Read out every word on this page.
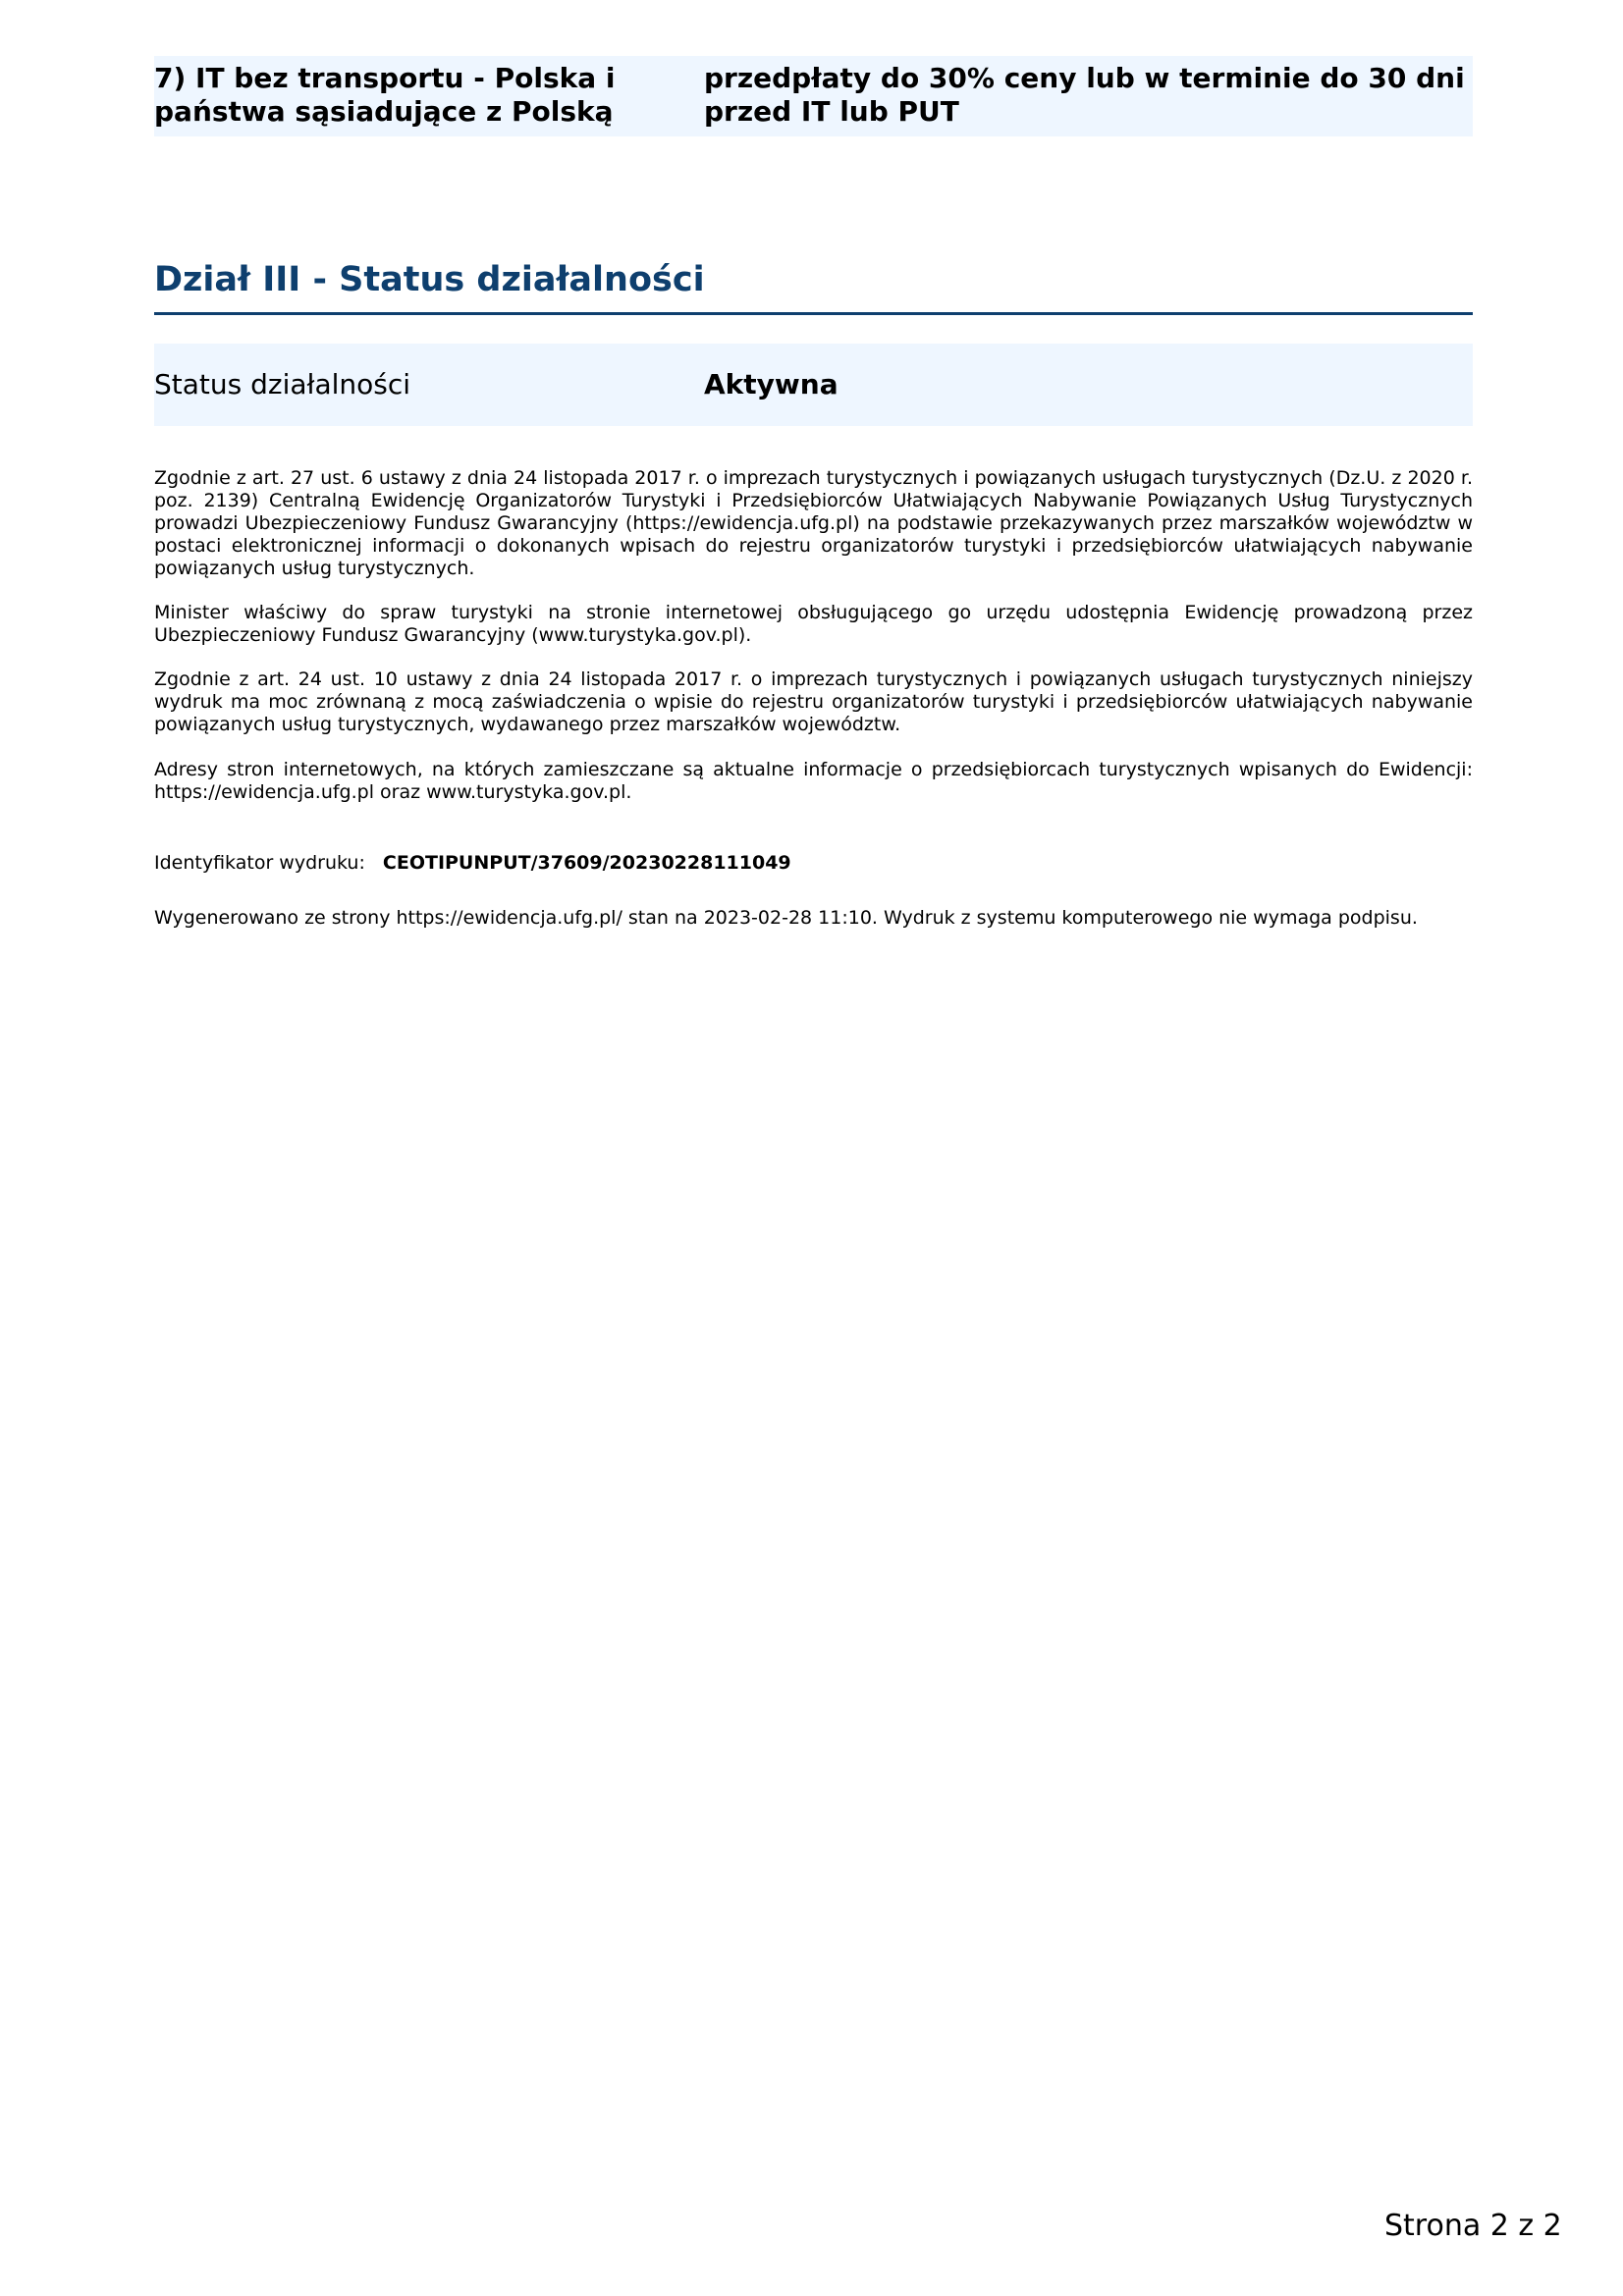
7) IT bez transportu - Polska i państwa sąsiadujące z Polską
przedpłaty do 30% ceny lub w terminie do 30 dni przed IT lub PUT
Dział III - Status działalności
Status działalności	Aktywna

Zgodnie z art. 27 ust. 6 ustawy z dnia 24 listopada 2017 r. o imprezach turystycznych i powiązanych usługach turystycznych (Dz.U. z 2020 r. poz. 2139) Centralną Ewidencję Organizatorów Turystyki i Przedsiębiorców Ułatwiających Nabywanie Powiązanych Usług Turystycznych prowadzi Ubezpieczeniowy Fundusz Gwarancyjny (https://ewidencja.ufg.pl) na podstawie przekazywanych przez marszałków województw w postaci elektronicznej informacji o dokonanych wpisach do rejestru organizatorów turystyki i przedsiębiorców ułatwiających nabywanie powiązanych usług turystycznych.

Minister właściwy do spraw turystyki na stronie internetowej obsługującego go urzędu udostępnia Ewidencję prowadzoną przez Ubezpieczeniowy Fundusz Gwarancyjny (www.turystyka.gov.pl).

Zgodnie z art. 24 ust. 10 ustawy z dnia 24 listopada 2017 r. o imprezach turystycznych i powiązanych usługach turystycznych niniejszy wydruk ma moc zrównaną z mocą zaświadczenia o wpisie do rejestru organizatorów turystyki i przedsiębiorców ułatwiających nabywanie powiązanych usług turystycznych, wydawanego przez marszałków województw.

Adresy stron internetowych, na których zamieszczane są aktualne informacje o przedsiębiorcach turystycznych wpisanych do Ewidencji: https://ewidencja.ufg.pl oraz www.turystyka.gov.pl.

Identyfikator wydruku: CEOTIPUNPUT/37609/20230228111049
Wygenerowano ze strony https://ewidencja.ufg.pl/ stan na 2023-02-28 11:10. Wydruk z systemu komputerowego nie wymaga podpisu.
Strona 2 z 2
